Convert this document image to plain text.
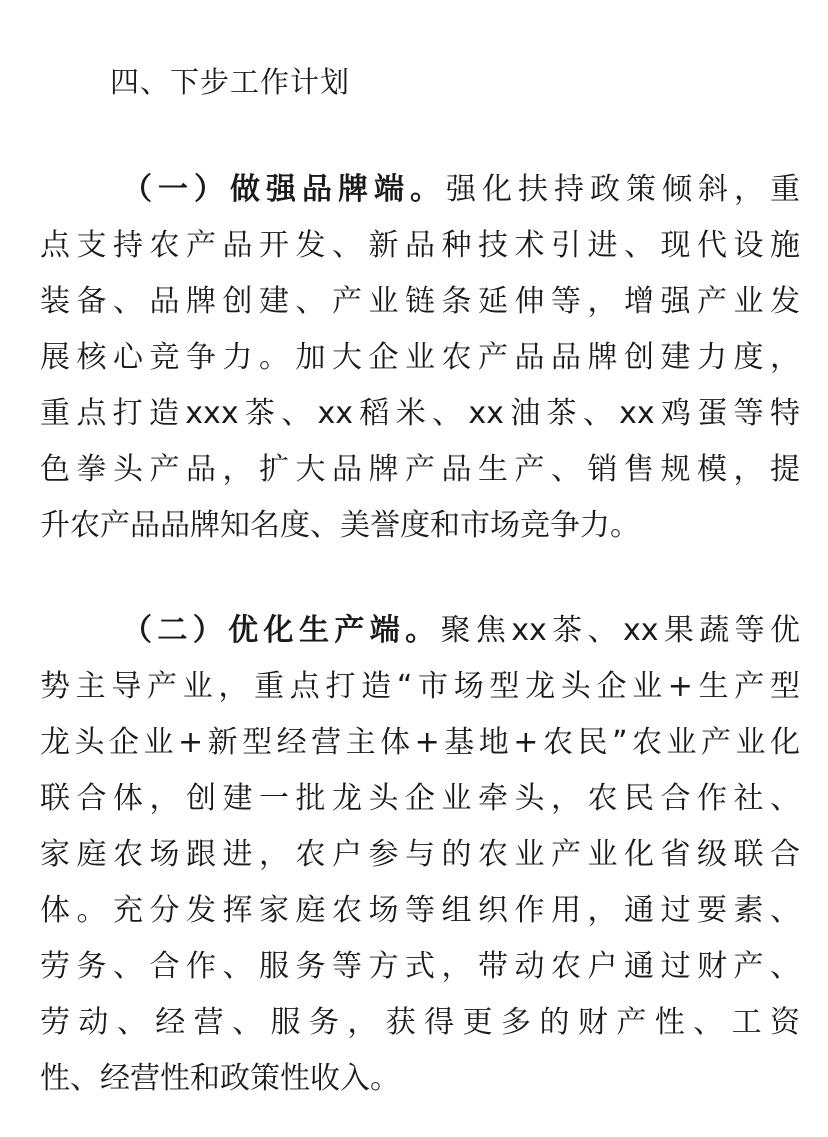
四、下步工作计划
（一）做强品牌端。强化扶持政策倾斜，重
点支持农产品开发、新品种技术引进、现代设施
装备、品牌创建、产业链条延伸等，增强产业发
展核心竞争力。加大企业农产品品牌创建力度，
重点打造xxx茶、xx稻米、xx油茶、xx鸡蛋等特
色拳头产品，扩大品牌产品生产、销售规模，提
升农产品品牌知名度、美誉度和市场竞争力。
（二）优化生产端。聚焦xx茶、xx果蔬等优
势主导产业，重点打造“市场型龙头企业+生产型
龙头企业+新型经营主体+基地+农民”农业产业化
联合体，创建一批龙头企业牵头，农民合作社、
家庭农场跟进，农户参与的农业产业化省级联合
体。充分发挥家庭农场等组织作用，通过要素、
劳务、合作、服务等方式，带动农户通过财产、
劳动、经营、服务，获得更多的财产性、工资
性、经营性和政策性收入。
